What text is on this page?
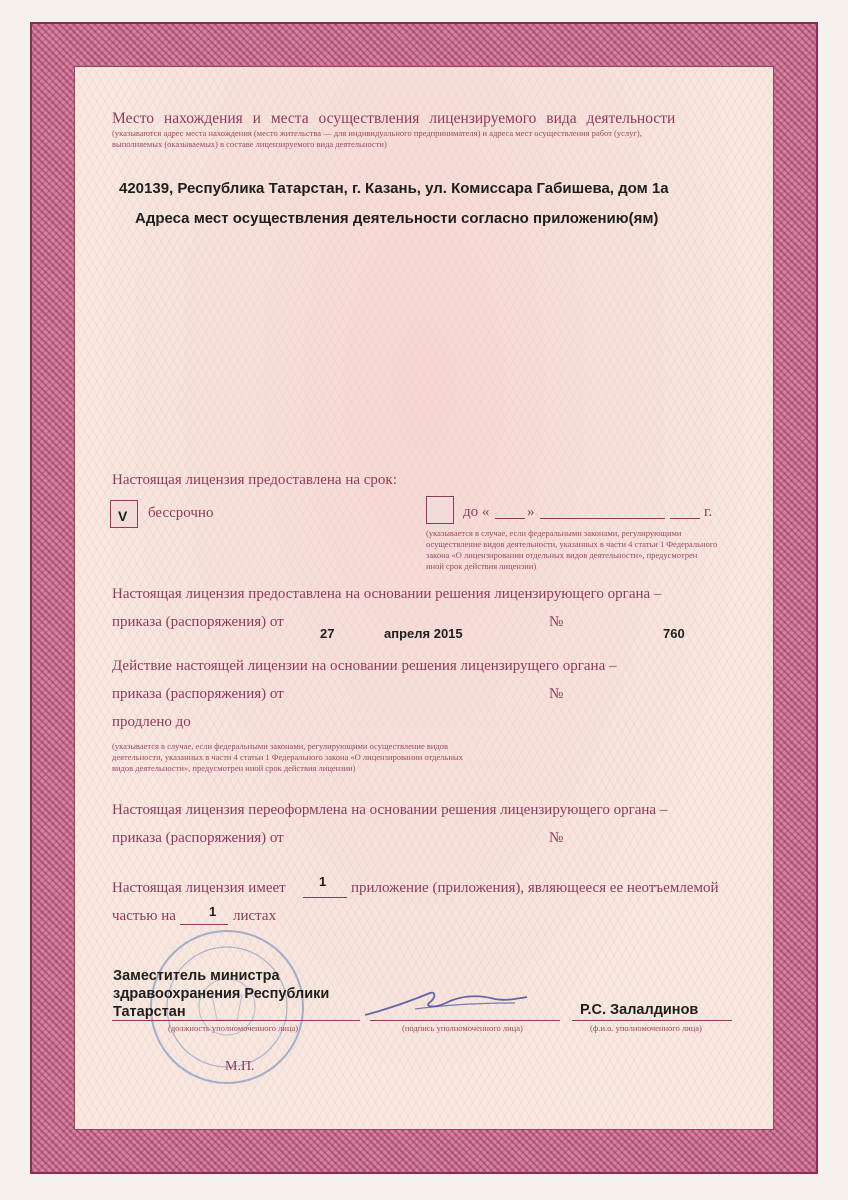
Место нахождения и места осуществления лицензируемого вида деятельности
(указываются адрес места нахождения (место жительства — для индивидуального предпринимателя) и адреса мест осуществления работ (услуг),
выполняемых (оказываемых) в составе лицензируемого вида деятельности)
420139, Республика Татарстан, г. Казань, ул. Комиссара Габишева, дом 1а
Адреса мест осуществления деятельности согласно приложению(ям)
Настоящая лицензия предоставлена на срок:
V бессрочно	до «	»	г.
(указывается в случае, если федеральными законами, регулирующими
осуществление видов деятельности, указанных в части 4 статьи 1 Федерального
закона «О лицензировании отдельных видов деятельности», предусмотрен
иной срок действия лицензии)
Настоящая лицензия предоставлена на основании решения лицензирующего органа –
приказа (распоряжения) от
27	апреля 2015
№
760
Действие настоящей лицензии на основании решения лицензирущего органа –
приказа (распоряжения) от	№
продлено до
(указывается в случае, если федеральными законами, регулирующими осуществление видов
деятельности, указанных в части 4 статьи 1 Федерального закона «О лицензировании отдельных
видов деятельности», предусмотрен иной срок действия лицензии)
Настоящая лицензия переоформлена на основании решения лицензирующего органа –
приказа (распоряжения) от	№
Настоящая лицензия имеет	1 приложение (приложения), являющееся ее неотъемлемой
частью на	1 листах
Заместитель министра
здравоохранения Республики
Татарстан
(должность уполномоченного лица)	(подпись уполномоченного лица)
Р.С. Залалдинов
(ф.и.о. уполномоченного лица)
М.П.
